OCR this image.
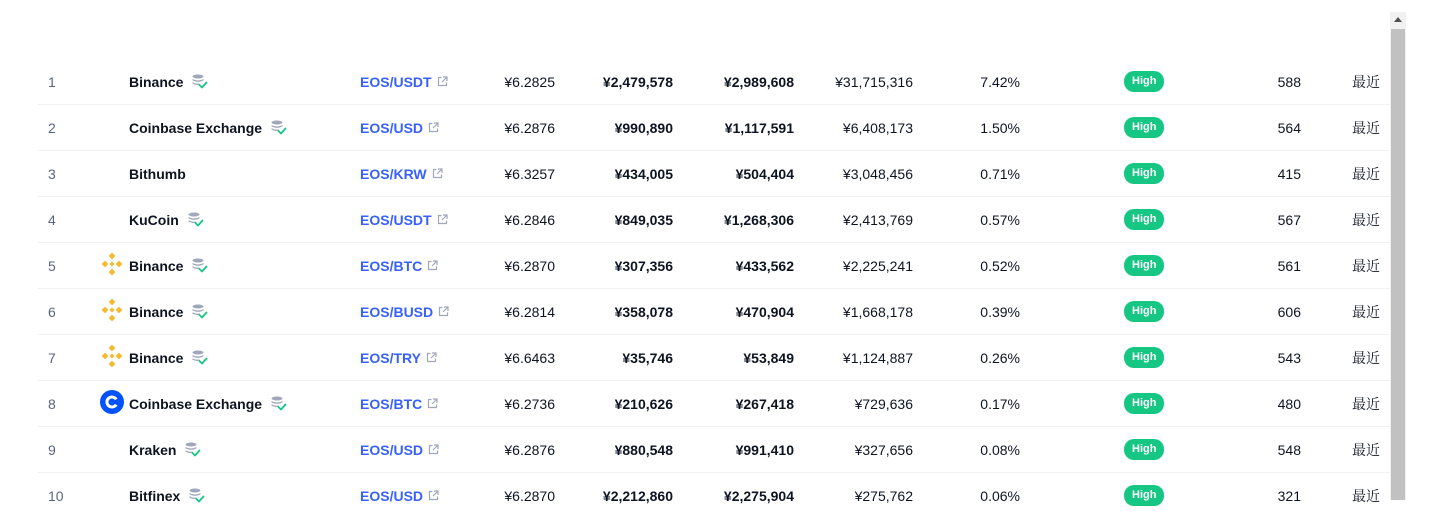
1	Binance	EOS/USDT	¥6.2825	¥2,479,578	¥2,989,608	¥31,715,316	7.42%	High	588	最近
2	Coinbase Exchange	EOS/USD	¥6.2876	¥990,890	¥1,117,591	¥6,408,173	1.50%	High	564	最近
3	Bithumb	EOS/KRW	¥6.3257	¥434,005	¥504,404	¥3,048,456	0.71%	High	415	最近
4	KuCoin	EOS/USDT	¥6.2846	¥849,035	¥1,268,306	¥2,413,769	0.57%	High	567	最近
5	Binance	EOS/BTC	¥6.2870	¥307,356	¥433,562	¥2,225,241	0.52%	High	561	最近
6	Binance	EOS/BUSD	¥6.2814	¥358,078	¥470,904	¥1,668,178	0.39%	High	606	最近
7	Binance	EOS/TRY	¥6.6463	¥35,746	¥53,849	¥1,124,887	0.26%	High	543	最近
8	Coinbase Exchange	EOS/BTC	¥6.2736	¥210,626	¥267,418	¥729,636	0.17%	High	480	最近
9	Kraken	EOS/USD	¥6.2876	¥880,548	¥991,410	¥327,656	0.08%	High	548	最近
10	Bitfinex	EOS/USD	¥6.2870	¥2,212,860	¥2,275,904	¥275,762	0.06%	High	321	最近
